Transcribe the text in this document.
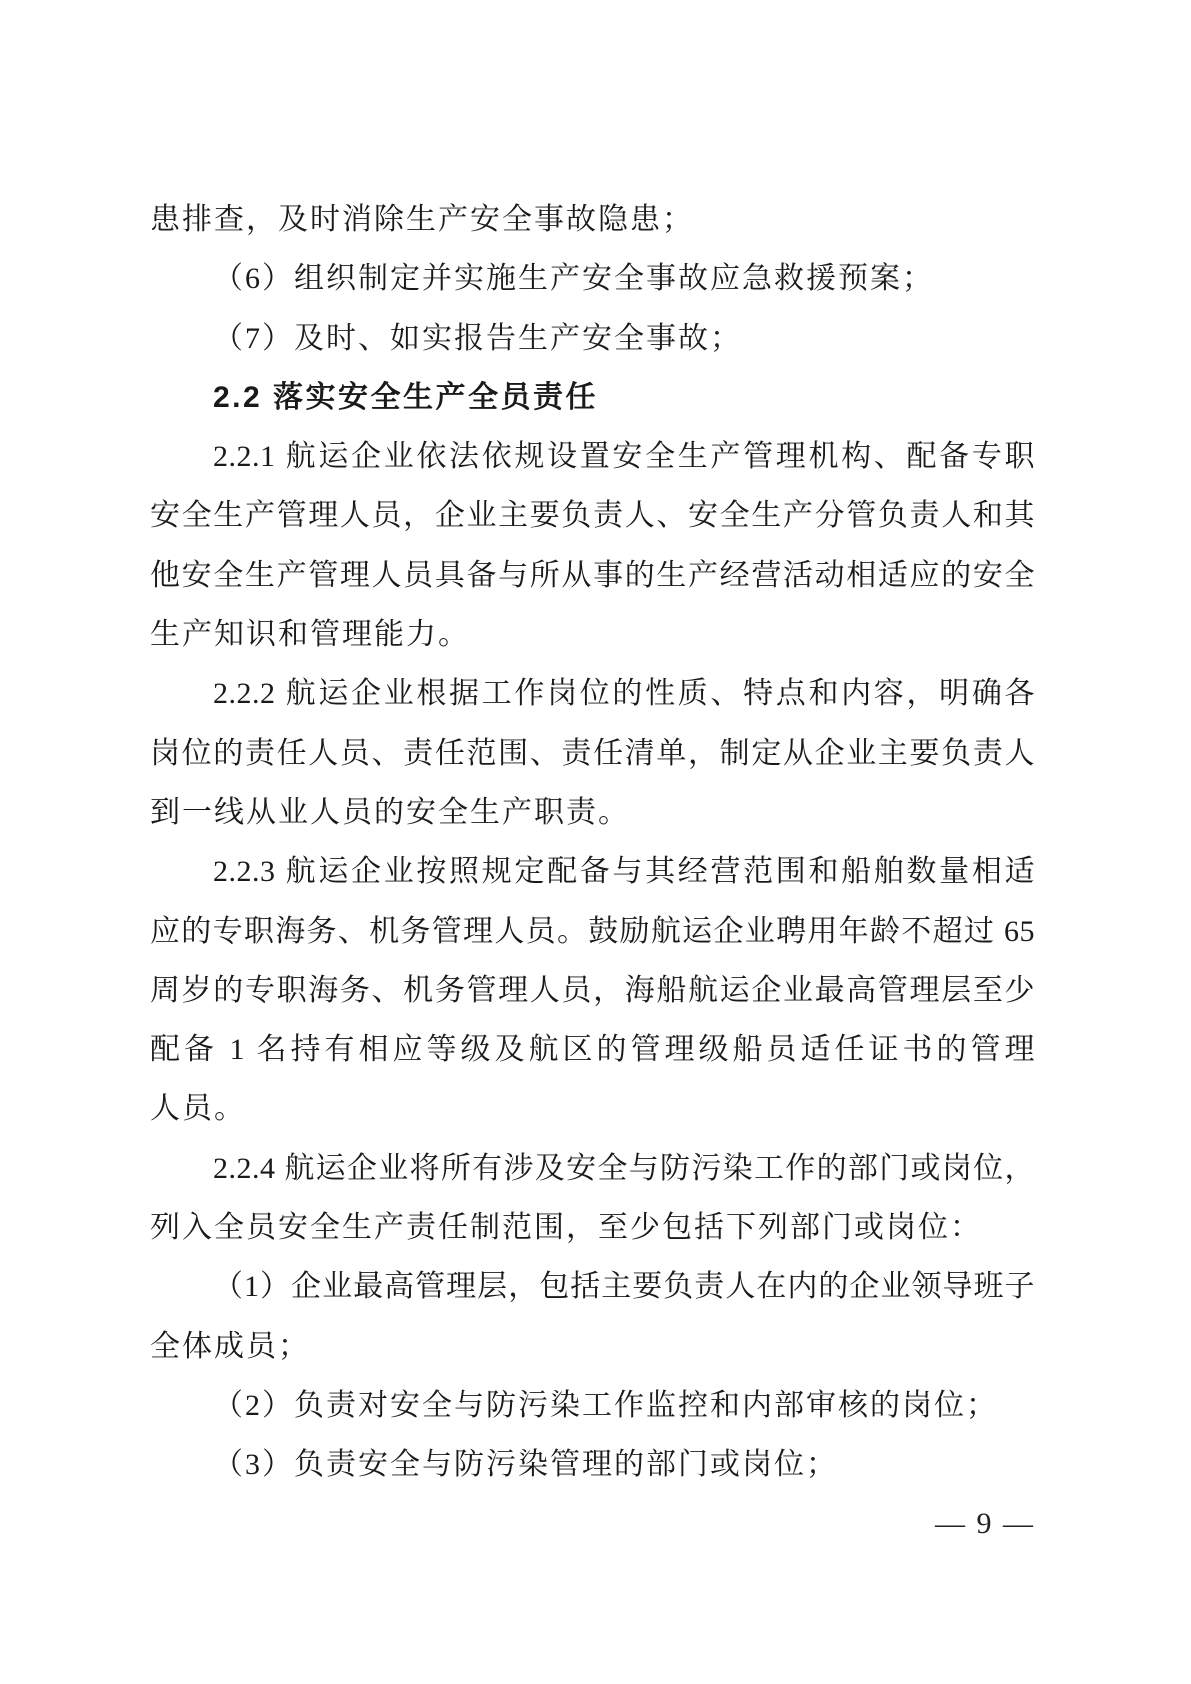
患排查，及时消除生产安全事故隐患；
（6）组织制定并实施生产安全事故应急救援预案；
（7）及时、如实报告生产安全事故；
2.2 落实安全生产全员责任
2.2.1 航运企业依法依规设置安全生产管理机构、配备专职
安全生产管理人员，企业主要负责人、安全生产分管负责人和其
他安全生产管理人员具备与所从事的生产经营活动相适应的安全
生产知识和管理能力。
2.2.2 航运企业根据工作岗位的性质、特点和内容，明确各
岗位的责任人员、责任范围、责任清单，制定从企业主要负责人
到一线从业人员的安全生产职责。
2.2.3 航运企业按照规定配备与其经营范围和船舶数量相适
应的专职海务、机务管理人员。鼓励航运企业聘用年龄不超过 65
周岁的专职海务、机务管理人员，海船航运企业最高管理层至少
配备 1 名持有相应等级及航区的管理级船员适任证书的管理
人员。
2.2.4 航运企业将所有涉及安全与防污染工作的部门或岗位，
列入全员安全生产责任制范围，至少包括下列部门或岗位：
（1）企业最高管理层，包括主要负责人在内的企业领导班子
全体成员；
（2）负责对安全与防污染工作监控和内部审核的岗位；
（3）负责安全与防污染管理的部门或岗位；
— 9 —
